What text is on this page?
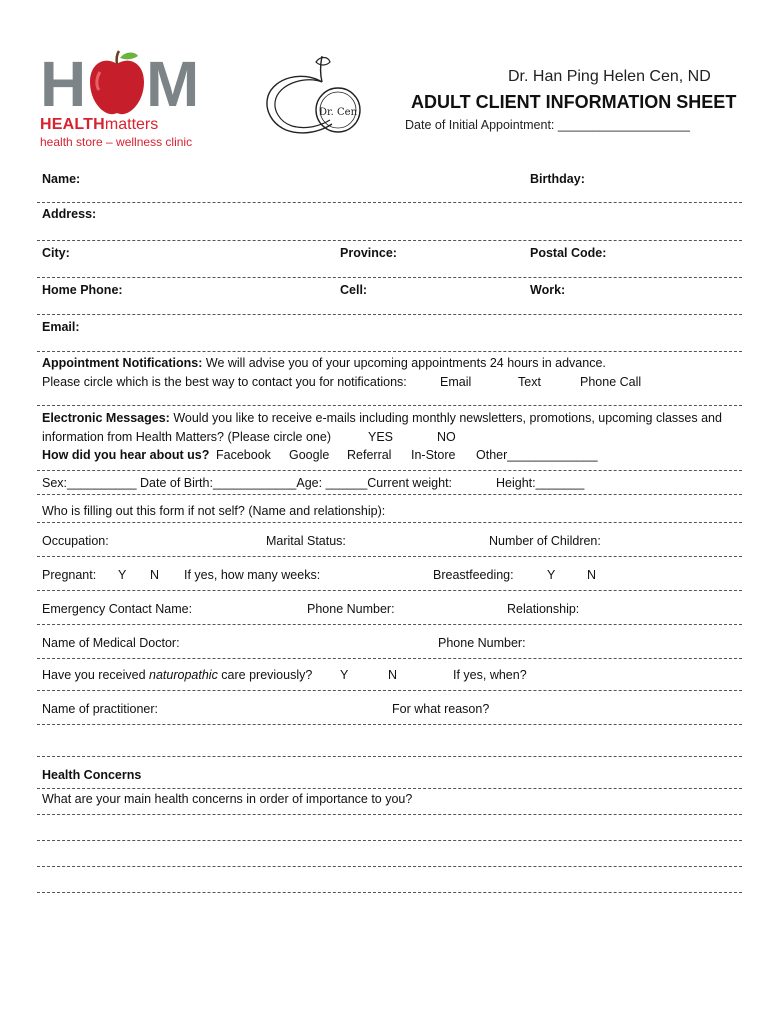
H M
HEALTHmatters
health store – wellness clinic
Dr. Cen
Dr. Han Ping Helen Cen, ND
ADULT CLIENT INFORMATION SHEET
Date of Initial Appointment: ___________________
Name:	Birthday:
Address:
City:	Province:	Postal Code:
Home Phone:	Cell:	Work:
Email:
Appointment Notifications: We will advise you of your upcoming appointments 24 hours in advance.
Please circle which is the best way to contact you for notifications:	Email	Text	Phone Call
Electronic Messages: Would you like to receive e-mails including monthly newsletters, promotions, upcoming classes and
information from Health Matters? (Please circle one)	YES	NO
How did you hear about us? Facebook Google Referral In-Store Other_____________
Sex:__________ Date of Birth:____________Age: ______Current weight:	Height:_______
Who is filling out this form if not self? (Name and relationship):
Occupation:	Marital Status:	Number of Children:
Pregnant: Y N If yes, how many weeks:	Breastfeeding:	Y	N
Emergency Contact Name:	Phone Number:	Relationship:
Name of Medical Doctor:	Phone Number:
Have you received naturopathic care previously? Y	N	If yes, when?
Name of practitioner:	For what reason?
Health Concerns
What are your main health concerns in order of importance to you?
